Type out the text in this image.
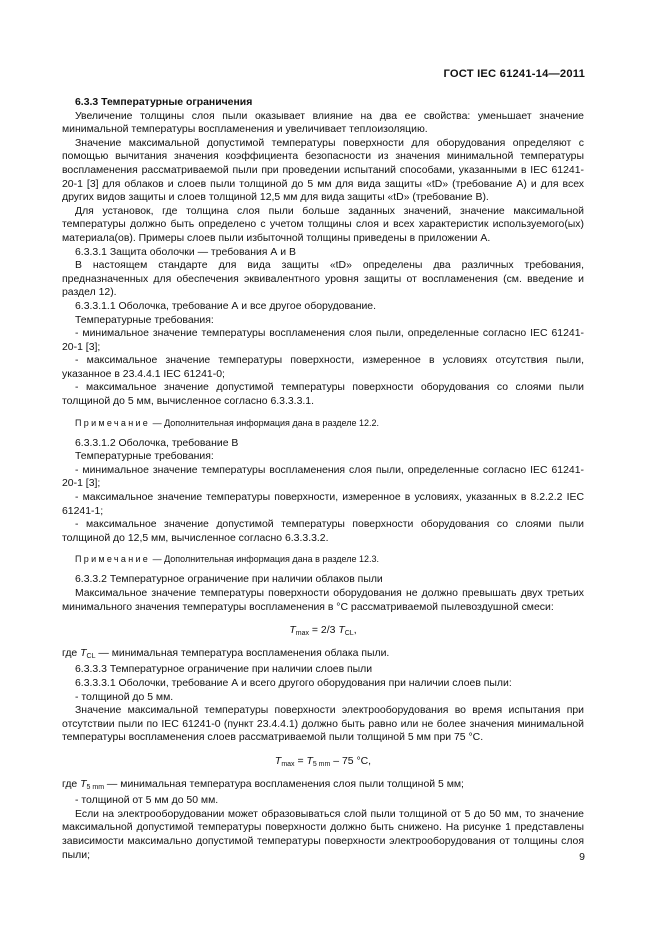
ГОСТ IEC 61241-14—2011

6.3.3 Температурные ограничения

Увеличение толщины слоя пыли оказывает влияние на два ее свойства: уменьшает значение минимальной температуры воспламенения и увеличивает теплоизоляцию.

Значение максимальной допустимой температуры поверхности для оборудования определяют с помощью вычитания значения коэффициента безопасности из значения минимальной температуры воспламенения рассматриваемой пыли при проведении испытаний способами, указанными в IEC 61241-20-1 [3] для облаков и слоев пыли толщиной до 5 мм для вида защиты «tD» (требование А) и для всех других видов защиты и слоев толщиной 12,5 мм для вида защиты «tD» (требование В).

Для установок, где толщина слоя пыли больше заданных значений, значение максимальной температуры должно быть определено с учетом толщины слоя и всех характеристик используемого(ых) материала(ов). Примеры слоев пыли избыточной толщины приведены в приложении А.

6.3.3.1 Защита оболочки — требования А и В

В настоящем стандарте для вида защиты «tD» определены два различных требования, предназначенных для обеспечения эквивалентного уровня защиты от воспламенения (см. введение и раздел 12).

6.3.3.1.1 Оболочка, требование А и все другое оборудование.

Температурные требования:

- минимальное значение температуры воспламенения слоя пыли, определенные согласно IEC 61241-20-1 [3];

- максимальное значение температуры поверхности, измеренное в условиях отсутствия пыли, указанное в 23.4.4.1 IEC 61241-0;

- максимальное значение допустимой температуры поверхности оборудования со слоями пыли толщиной до 5 мм, вычисленное согласно 6.3.3.3.1.

Примечание — Дополнительная информация дана в разделе 12.2.

6.3.3.1.2 Оболочка, требование В

Температурные требования:

- минимальное значение температуры воспламенения слоя пыли, определенные согласно IEC 61241-20-1 [3];

- максимальное значение температуры поверхности, измеренное в условиях, указанных в 8.2.2.2 IEC 61241-1;

- максимальное значение допустимой температуры поверхности оборудования со слоями пыли толщиной до 12,5 мм, вычисленное согласно 6.3.3.3.2.

Примечание — Дополнительная информация дана в разделе 12.3.

6.3.3.2 Температурное ограничение при наличии облаков пыли

Максимальное значение температуры поверхности оборудования не должно превышать двух третьих минимального значения температуры воспламенения в °С рассматриваемой пылевоздушной смеси:

$T_{max} = 2/3$ $T_{CL}$,

где $T_{CL}$ — минимальная температура воспламенения облака пыли.

6.3.3.3 Температурное ограничение при наличии слоев пыли

6.3.3.3.1 Оболочки, требование А и всего другого оборудования при наличии слоев пыли:

- толщиной до 5 мм.

Значение максимальной температуры поверхности электрооборудования во время испытания при отсутствии пыли по IEC 61241-0 (пункт 23.4.4.1) должно быть равно или не более значения минимальной температуры воспламенения слоев рассматриваемой пыли толщиной 5 мм при 75 °С.

$T_{max} = T_{5 mm} - 75$ °С,

где $T_{5 mm}$ — минимальная температура воспламенения слоя пыли толщиной 5 мм;

- толщиной от 5 мм до 50 мм.

Если на электрооборудовании может образовываться слой пыли толщиной от 5 до 50 мм, то значение максимальной допустимой температуры поверхности должно быть снижено. На рисунке 1 представлены зависимости максимально допустимой температуры поверхности электрооборудования от толщины слоя пыли;	9
